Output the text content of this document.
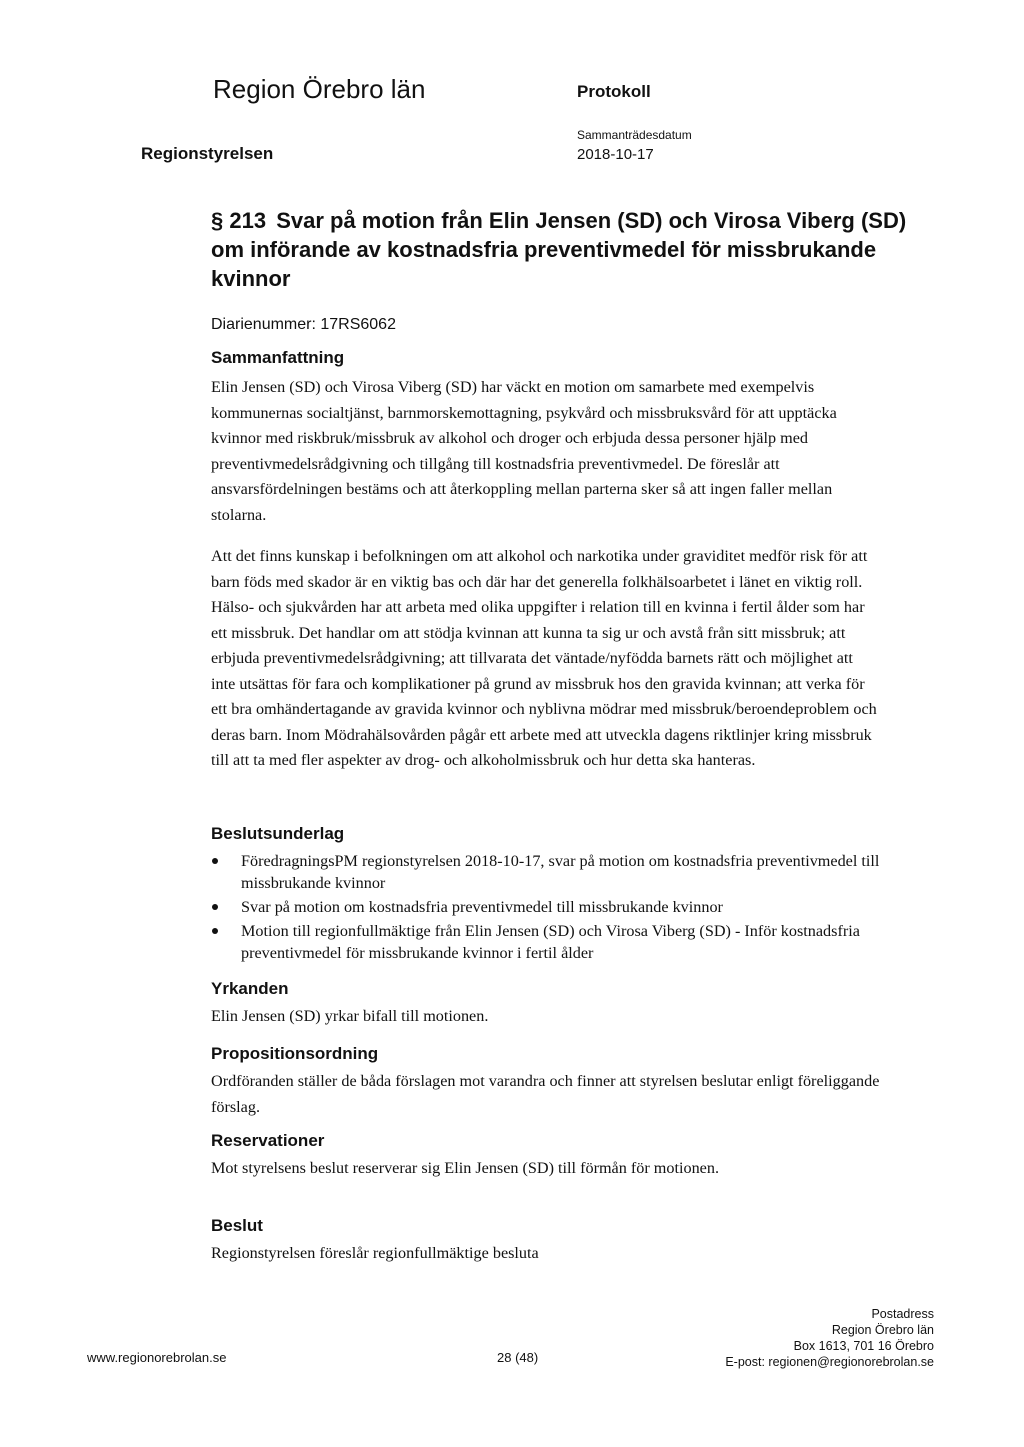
Region Örebro län	Protokoll
Regionstyrelsen
Sammanträdesdatum
2018-10-17
§ 213 Svar på motion från Elin Jensen (SD) och Virosa Viberg (SD) om införande av kostnadsfria preventivmedel för missbrukande kvinnor
Diarienummer: 17RS6062
Sammanfattning

Elin Jensen (SD) och Virosa Viberg (SD) har väckt en motion om samarbete med exempelvis kommunernas socialtjänst, barnmorskemottagning, psykvård och missbruksvård för att upptäcka kvinnor med riskbruk/missbruk av alkohol och droger och erbjuda dessa personer hjälp med preventivmedelsrådgivning och tillgång till kostnadsfria preventivmedel. De föreslår att ansvarsfördelningen bestäms och att återkoppling mellan parterna sker så att ingen faller mellan stolarna.

Att det finns kunskap i befolkningen om att alkohol och narkotika under graviditet medför risk för att barn föds med skador är en viktig bas och där har det generella folkhälsoarbetet i länet en viktig roll. Hälso- och sjukvården har att arbeta med olika uppgifter i relation till en kvinna i fertil ålder som har ett missbruk. Det handlar om att stödja kvinnan att kunna ta sig ur och avstå från sitt missbruk; att erbjuda preventivmedelsrådgivning; att tillvarata det väntade/nyfödda barnets rätt och möjlighet att inte utsättas för fara och komplikationer på grund av missbruk hos den gravida kvinnan; att verka för ett bra omhändertagande av gravida kvinnor och nyblivna mödrar med missbruk/beroendeproblem och deras barn. Inom Mödrahälsovården pågår ett arbete med att utveckla dagens riktlinjer kring missbruk till att ta med fler aspekter av drog- och alkoholmissbruk och hur detta ska hanteras.

Beslutsunderlag
FöredragningsPM regionstyrelsen 2018-10-17, svar på motion om kostnadsfria preventivmedel till missbrukande kvinnor
Svar på motion om kostnadsfria preventivmedel till missbrukande kvinnor
Motion till regionfullmäktige från Elin Jensen (SD) och Virosa Viberg (SD) - Inför kostnadsfria preventivmedel för missbrukande kvinnor i fertil ålder
Yrkanden

Elin Jensen (SD) yrkar bifall till motionen.

Propositionsordning

Ordföranden ställer de båda förslagen mot varandra och finner att styrelsen beslutar enligt föreliggande förslag.

Reservationer

Mot styrelsens beslut reserverar sig Elin Jensen (SD) till förmån för motionen.

Beslut

Regionstyrelsen föreslår regionfullmäktige besluta

www.regionorebrolan.se	28 (48)
Postadress
Region Örebro län
Box 1613, 701 16 Örebro
E-post: regionen@regionorebrolan.se
